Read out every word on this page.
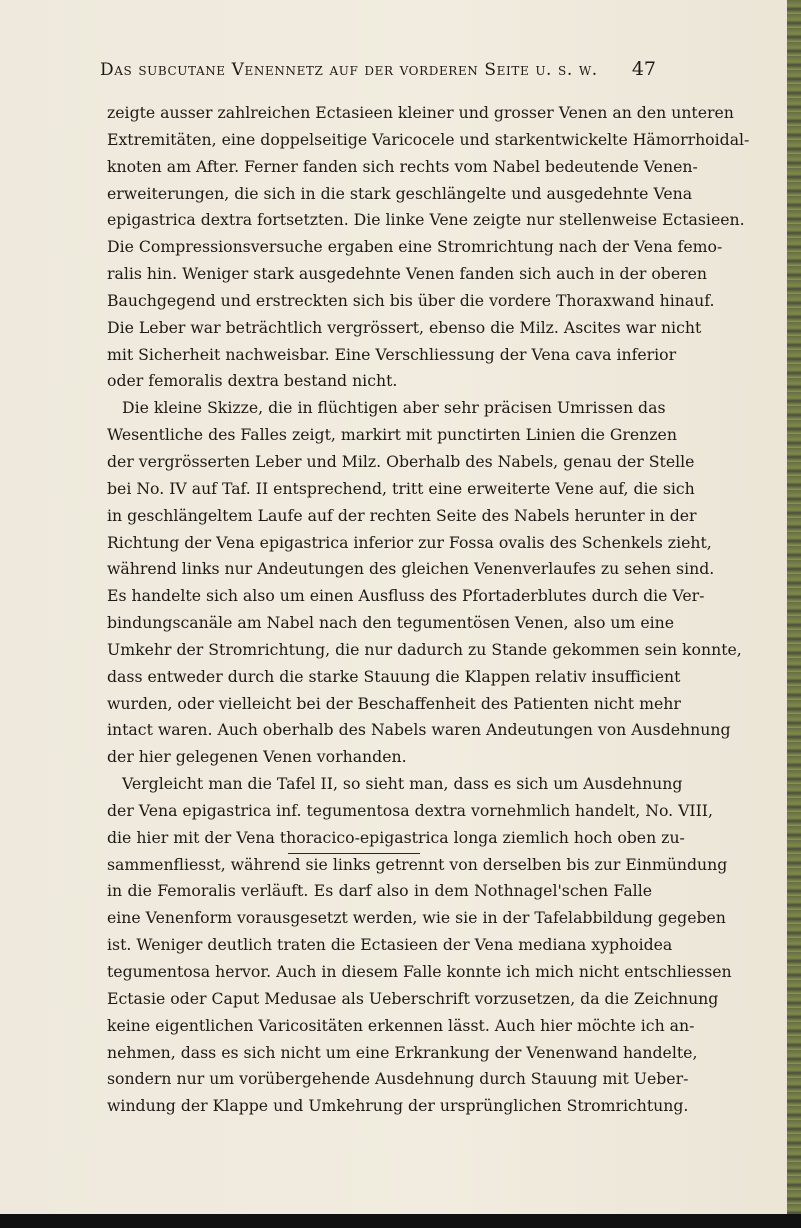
Das subcutane Venennetz auf der vorderen Seite u. s. w. 47
zeigte ausser zahlreichen Ectasieen kleiner und grosser Venen an den unteren
Extremitäten, eine doppelseitige Varicocele und starkentwickelte Hämorrhoidal-
knoten am After. Ferner fanden sich rechts vom Nabel bedeutende Venen-
erweiterungen, die sich in die stark geschlängelte und ausgedehnte Vena
epigastrica dextra fortsetzten. Die linke Vene zeigte nur stellenweise Ectasieen.
Die Compressionsversuche ergaben eine Stromrichtung nach der Vena femo-
ralis hin. Weniger stark ausgedehnte Venen fanden sich auch in der oberen
Bauchgegend und erstreckten sich bis über die vordere Thoraxwand hinauf.
Die Leber war beträchtlich vergrössert, ebenso die Milz. Ascites war nicht
mit Sicherheit nachweisbar. Eine Verschliessung der Vena cava inferior
oder femoralis dextra bestand nicht.
Die kleine Skizze, die in flüchtigen aber sehr präcisen Umrissen das
Wesentliche des Falles zeigt, markirt mit punctirten Linien die Grenzen
der vergrösserten Leber und Milz. Oberhalb des Nabels, genau der Stelle
bei No. IV auf Taf. II entsprechend, tritt eine erweiterte Vene auf, die sich
in geschlängeltem Laufe auf der rechten Seite des Nabels herunter in der
Richtung der Vena epigastrica inferior zur Fossa ovalis des Schenkels zieht,
während links nur Andeutungen des gleichen Venenverlaufes zu sehen sind.
Es handelte sich also um einen Ausfluss des Pfortaderblutes durch die Ver-
bindungscanäle am Nabel nach den tegumentösen Venen, also um eine
Umkehr der Stromrichtung, die nur dadurch zu Stande gekommen sein konnte,
dass entweder durch die starke Stauung die Klappen relativ insufficient
wurden, oder vielleicht bei der Beschaffenheit des Patienten nicht mehr
intact waren. Auch oberhalb des Nabels waren Andeutungen von Ausdehnung
der hier gelegenen Venen vorhanden.
Vergleicht man die Tafel II, so sieht man, dass es sich um Ausdehnung
der Vena epigastrica inf. tegumentosa dextra vornehmlich handelt, No. VIII,
die hier mit der Vena thoracico-epigastrica longa ziemlich hoch oben zu-
sammenfliesst, während sie links getrennt von derselben bis zur Einmündung
in die Femoralis verläuft. Es darf also in dem Nothnagel'schen Falle
eine Venenform vorausgesetzt werden, wie sie in der Tafelabbildung gegeben
ist. Weniger deutlich traten die Ectasieen der Vena mediana xyphoidea
tegumentosa hervor. Auch in diesem Falle konnte ich mich nicht entschliessen
Ectasie oder Caput Medusae als Ueberschrift vorzusetzen, da die Zeichnung
keine eigentlichen Varicositäten erkennen lässt. Auch hier möchte ich an-
nehmen, dass es sich nicht um eine Erkrankung der Venenwand handelte,
sondern nur um vorübergehende Ausdehnung durch Stauung mit Ueber-
windung der Klappe und Umkehrung der ursprünglichen Stromrichtung.
